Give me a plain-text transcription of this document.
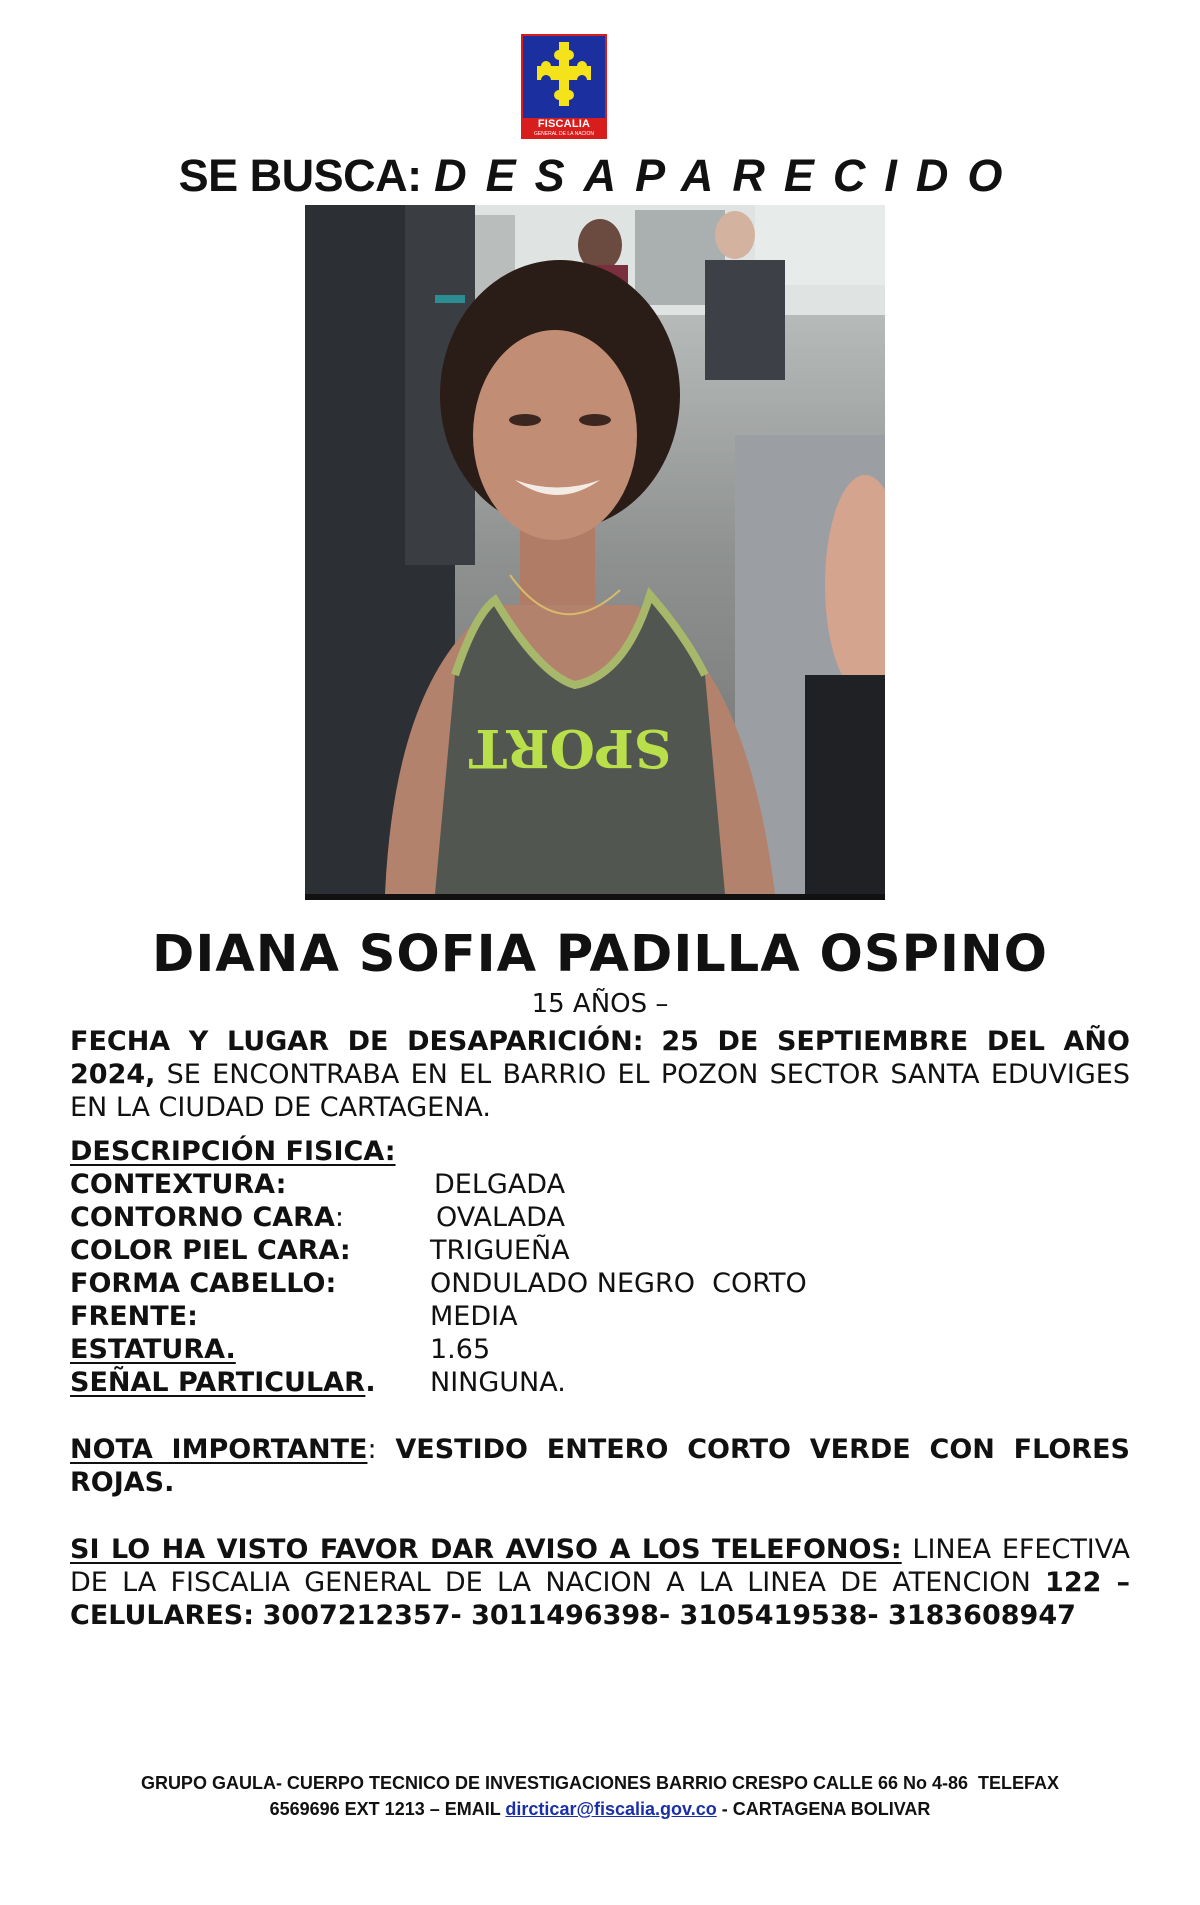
FISCALIA
GENERAL DE LA NACION
SE BUSCA: DESAPARECIDO
SPORT
DIANA SOFIA PADILLA OSPINO
15 AÑOS –
FECHA Y LUGAR DE DESAPARICIÓN: 25 DE SEPTIEMBRE DEL AÑO 2024, SE ENCONTRABA EN EL BARRIO EL POZON SECTOR SANTA EDUVIGES EN LA CIUDAD DE CARTAGENA.
DESCRIPCIÓN FISICA:
CONTEXTURA:	DELGADA
CONTORNO CARA:	OVALADA
COLOR PIEL CARA:	TRIGUEÑA
FORMA CABELLO:	ONDULADO NEGRO  CORTO
FRENTE:	MEDIA
ESTATURA.	1.65
SEÑAL PARTICULAR. NINGUNA.
NOTA IMPORTANTE: VESTIDO ENTERO CORTO VERDE CON FLORES ROJAS.
SI LO HA VISTO FAVOR DAR AVISO A LOS TELEFONOS: LINEA EFECTIVA DE LA FISCALIA GENERAL DE LA NACION A LA LINEA DE ATENCION 122 – CELULARES: 3007212357- 3011496398- 3105419538- 3183608947
GRUPO GAULA- CUERPO TECNICO DE INVESTIGACIONES BARRIO CRESPO CALLE 66 No 4-86  TELEFAX
6569696 EXT 1213 – EMAIL dircticar@fiscalia.gov.co - CARTAGENA BOLIVAR
